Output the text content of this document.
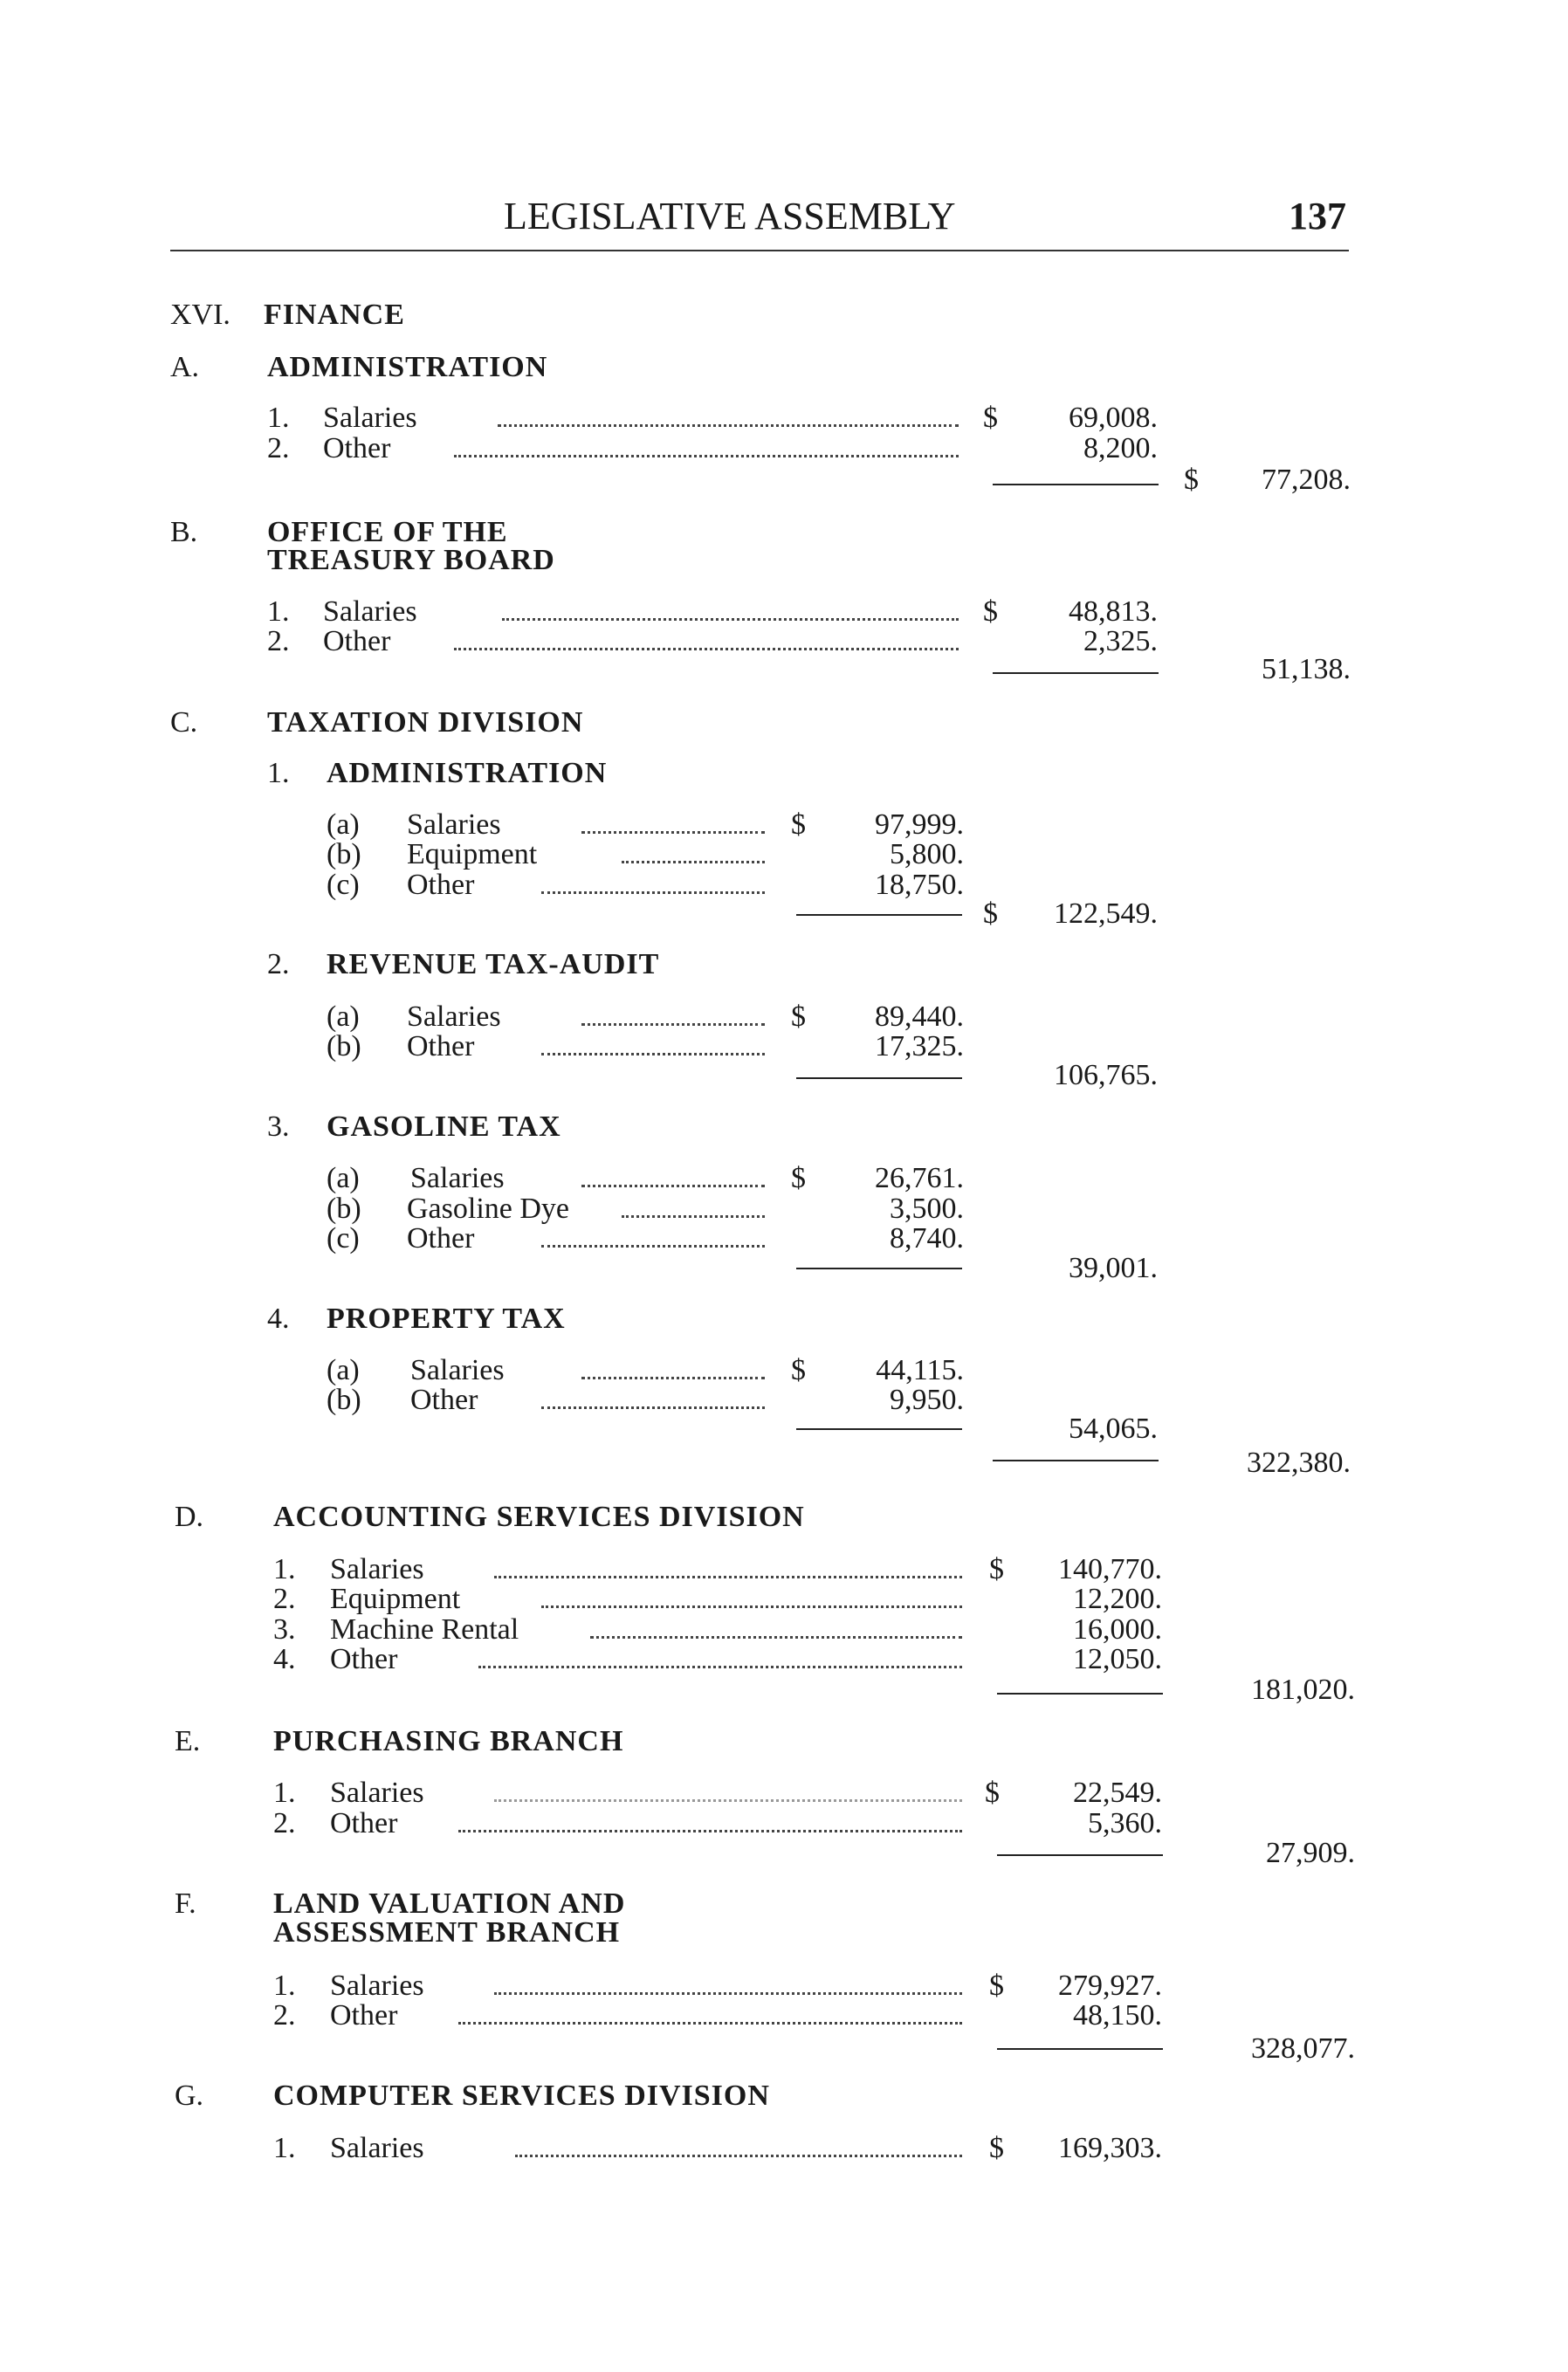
LEGISLATIVE ASSEMBLY	137
XVI. FINANCE
A. ADMINISTRATION
1. Salaries	$ 69,008.
2. Other	8,200.
$ 77,208.
B. OFFICE OF THE
TREASURY BOARD
1. Salaries	$ 48,813.
2. Other	2,325.
51,138.
C. TAXATION DIVISION
1. ADMINISTRATION
(a) Salaries	$ 97,999.
(b) Equipment	5,800.
(c) Other	18,750.
$ 122,549.
2. REVENUE TAX-AUDIT
(a) Salaries	$ 89,440.
(b) Other	17,325.
106,765.
3. GASOLINE TAX
(a) Salaries	$ 26,761.
(b) Gasoline Dye	3,500.
(c) Other	8,740.
39,001.
4. PROPERTY TAX
(a) Salaries	$ 44,115.
(b) Other	9,950.
54,065.
322,380.
D. ACCOUNTING SERVICES DIVISION
1. Salaries	$ 140,770.
2. Equipment	12,200.
3. Machine Rental	16,000.
4. Other	12,050.
181,020.
E. PURCHASING BRANCH
1. Salaries	$ 22,549.
2. Other	5,360.
27,909.
F.	LAND VALUATION AND
ASSESSMENT BRANCH
1. Salaries	$ 279,927.
2. Other	48,150.
328,077.
G. COMPUTER SERVICES DIVISION
1. Salaries	$ 169,303.
